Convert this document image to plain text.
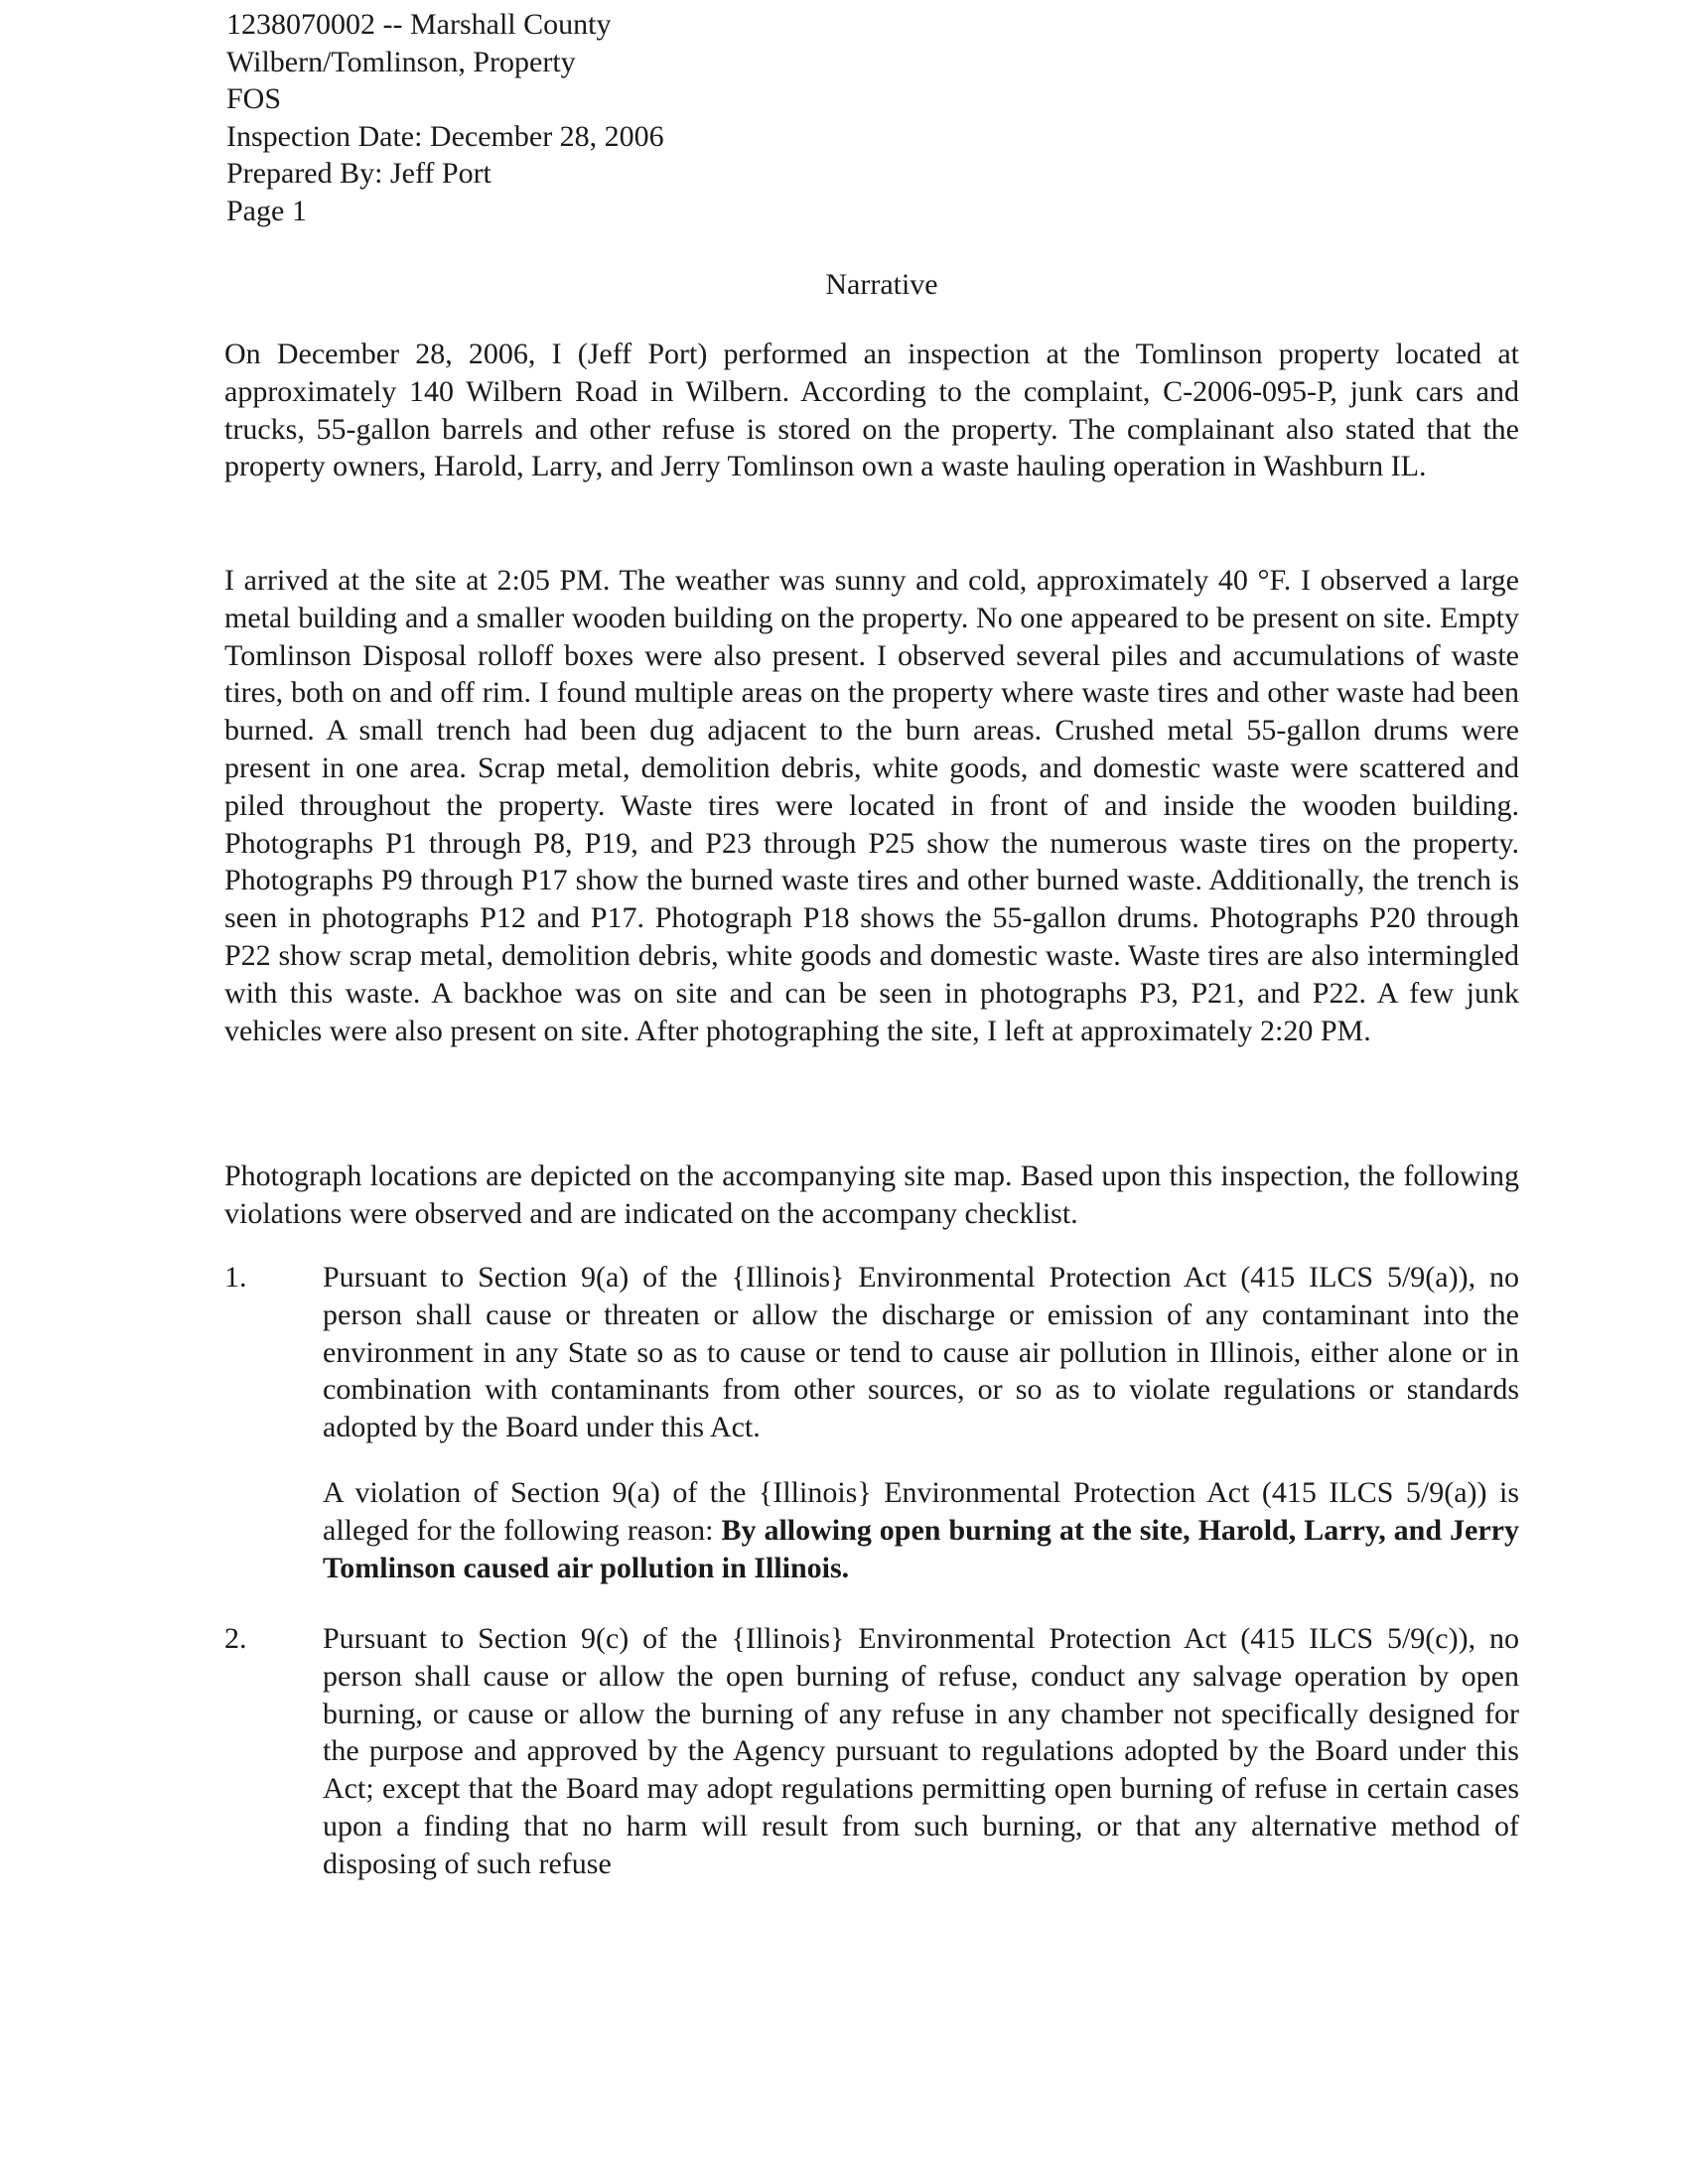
1238070002 -- Marshall County
Wilbern/Tomlinson, Property
FOS
Inspection Date: December 28, 2006
Prepared By: Jeff Port
Page 1
Narrative

On December 28, 2006, I (Jeff Port) performed an inspection at the Tomlinson property located at approximately 140 Wilbern Road in Wilbern. According to the complaint, C-2006-095-P, junk cars and trucks, 55-gallon barrels and other refuse is stored on the property. The complainant also stated that the property owners, Harold, Larry, and Jerry Tomlinson own a waste hauling operation in Washburn IL.

I arrived at the site at 2:05 PM. The weather was sunny and cold, approximately 40 °F. I observed a large metal building and a smaller wooden building on the property. No one appeared to be present on site. Empty Tomlinson Disposal rolloff boxes were also present. I observed several piles and accumulations of waste tires, both on and off rim. I found multiple areas on the property where waste tires and other waste had been burned. A small trench had been dug adjacent to the burn areas. Crushed metal 55-gallon drums were present in one area. Scrap metal, demolition debris, white goods, and domestic waste were scattered and piled throughout the property. Waste tires were located in front of and inside the wooden building. Photographs P1 through P8, P19, and P23 through P25 show the numerous waste tires on the property. Photographs P9 through P17 show the burned waste tires and other burned waste. Additionally, the trench is seen in photographs P12 and P17. Photograph P18 shows the 55-gallon drums. Photographs P20 through P22 show scrap metal, demolition debris, white goods and domestic waste. Waste tires are also intermingled with this waste. A backhoe was on site and can be seen in photographs P3, P21, and P22. A few junk vehicles were also present on site. After photographing the site, I left at approximately 2:20 PM.

Photograph locations are depicted on the accompanying site map. Based upon this inspection, the following violations were observed and are indicated on the accompany checklist.

1.	Pursuant to Section 9(a) of the {Illinois} Environmental Protection Act (415 ILCS 5/9(a)), no person shall cause or threaten or allow the discharge or emission of any contaminant into the environment in any State so as to cause or tend to cause air pollution in Illinois, either alone or in combination with contaminants from other sources, or so as to violate regulations or standards adopted by the Board under this Act.
A violation of Section 9(a) of the {Illinois} Environmental Protection Act (415 ILCS 5/9(a)) is alleged for the following reason: By allowing open burning at the site, Harold, Larry, and Jerry Tomlinson caused air pollution in Illinois.
2.	Pursuant to Section 9(c) of the {Illinois} Environmental Protection Act (415 ILCS 5/9(c)), no person shall cause or allow the open burning of refuse, conduct any salvage operation by open burning, or cause or allow the burning of any refuse in any chamber not specifically designed for the purpose and approved by the Agency pursuant to regulations adopted by the Board under this Act; except that the Board may adopt regulations permitting open burning of refuse in certain cases upon a finding that no harm will result from such burning, or that any alternative method of disposing of such refuse
